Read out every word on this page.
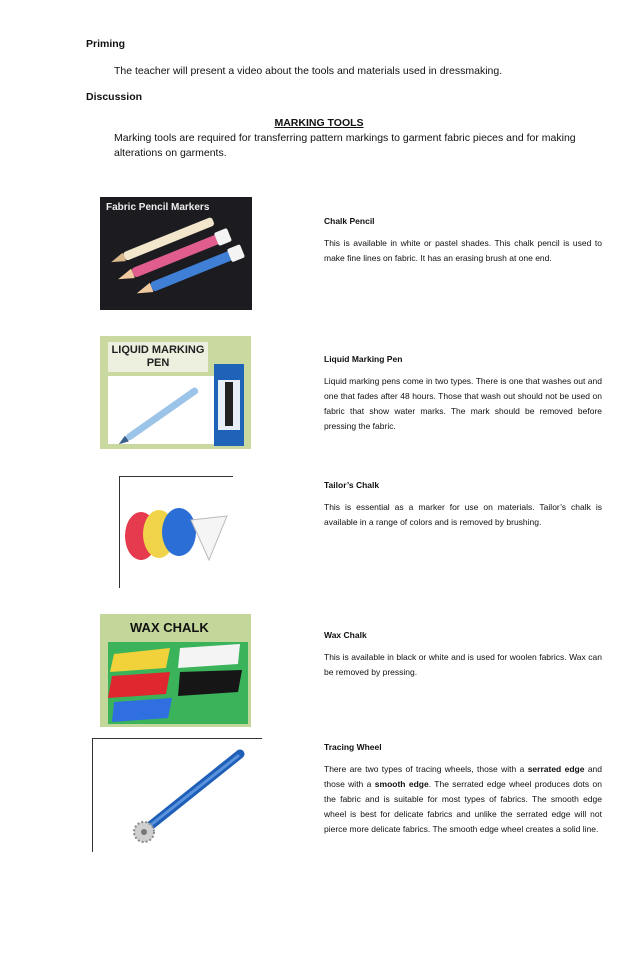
Priming
The teacher will present a video about the tools and materials used in dressmaking.
Discussion
MARKING TOOLS
Marking tools are required for transferring pattern markings to garment fabric pieces and for making
alterations on garments.
Fabric Pencil Markers
Chalk Pencil
This is available in white or pastel shades. This chalk pencil is used to make fine lines on fabric. It has an erasing brush at one end.
LIQUID MARKING
PEN	Liquid Marking Pen
Liquid marking pens come in two types. There is one that washes out and one that fades after 48 hours. Those that wash out should not be used on fabric that show water marks. The mark should be removed before pressing the fabric.
Tailor’s Chalk
This is essential as a marker for use on materials. Tailor’s chalk is available in a range of colors and is removed by brushing.
WAX CHALK	Wax Chalk
This is available in black or white and is used for woolen fabrics. Wax can be removed by pressing.
Tracing Wheel
There are two types of tracing wheels, those with a serrated edge and those with a smooth edge. The serrated edge wheel produces dots on the fabric and is suitable for most types of fabrics. The smooth edge wheel is best for delicate fabrics and unlike the serrated edge will not pierce more delicate fabrics. The smooth edge wheel creates a solid line.
